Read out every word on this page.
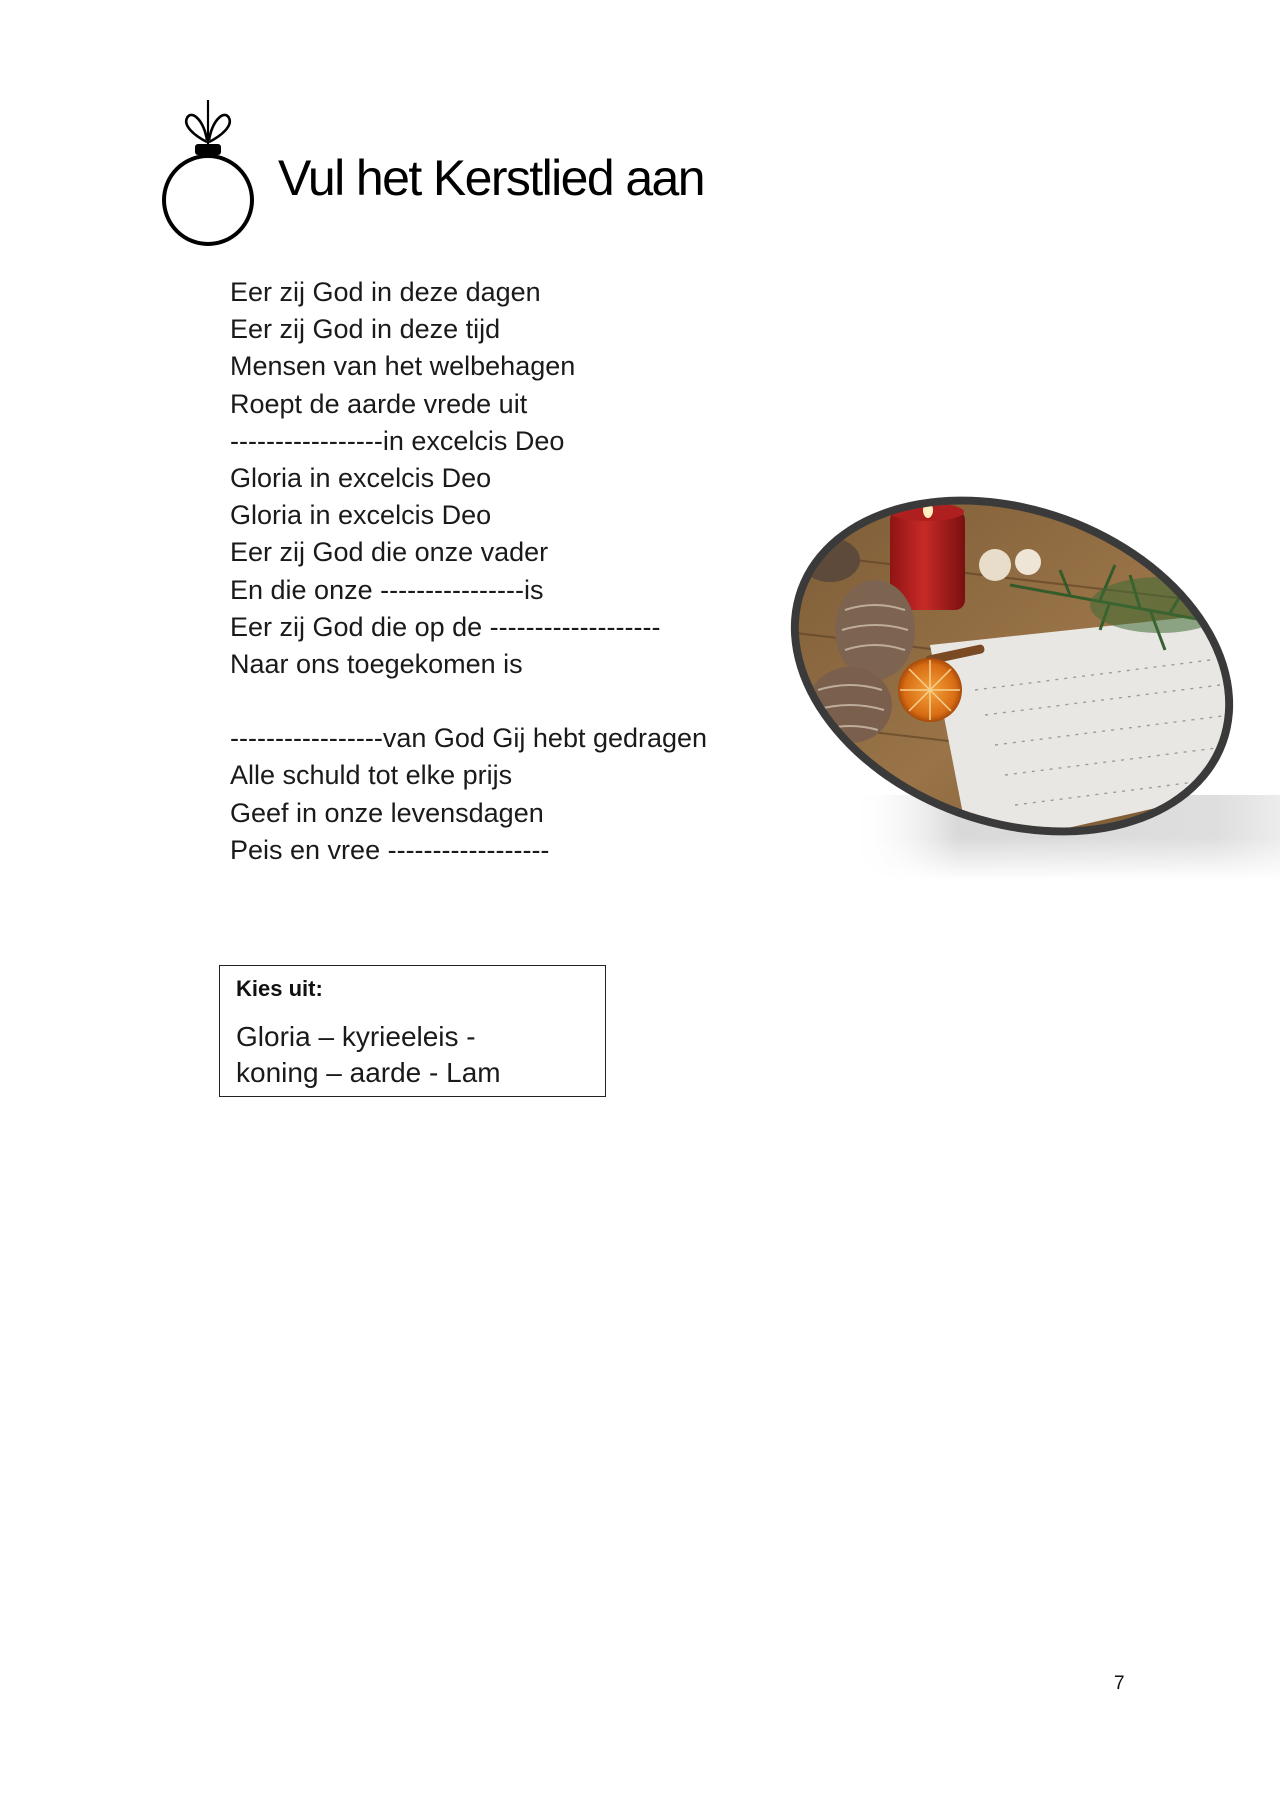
Vul het Kerstlied aan
Eer zij God in deze dagen
Eer zij God in deze tijd
Mensen van het welbehagen
Roept de aarde vrede uit
-----------------in excelcis Deo
Gloria in excelcis Deo
Gloria in excelcis Deo
Eer zij God die onze vader
En die onze ----------------is
Eer zij God die op de -------------------
Naar ons toegekomen is
-----------------van God Gij hebt gedragen
Alle schuld tot elke prijs
Geef in onze levensdagen
Peis en vree ------------------
Kies uit:
Gloria – kyrieeleis -
koning – aarde - Lam
7
